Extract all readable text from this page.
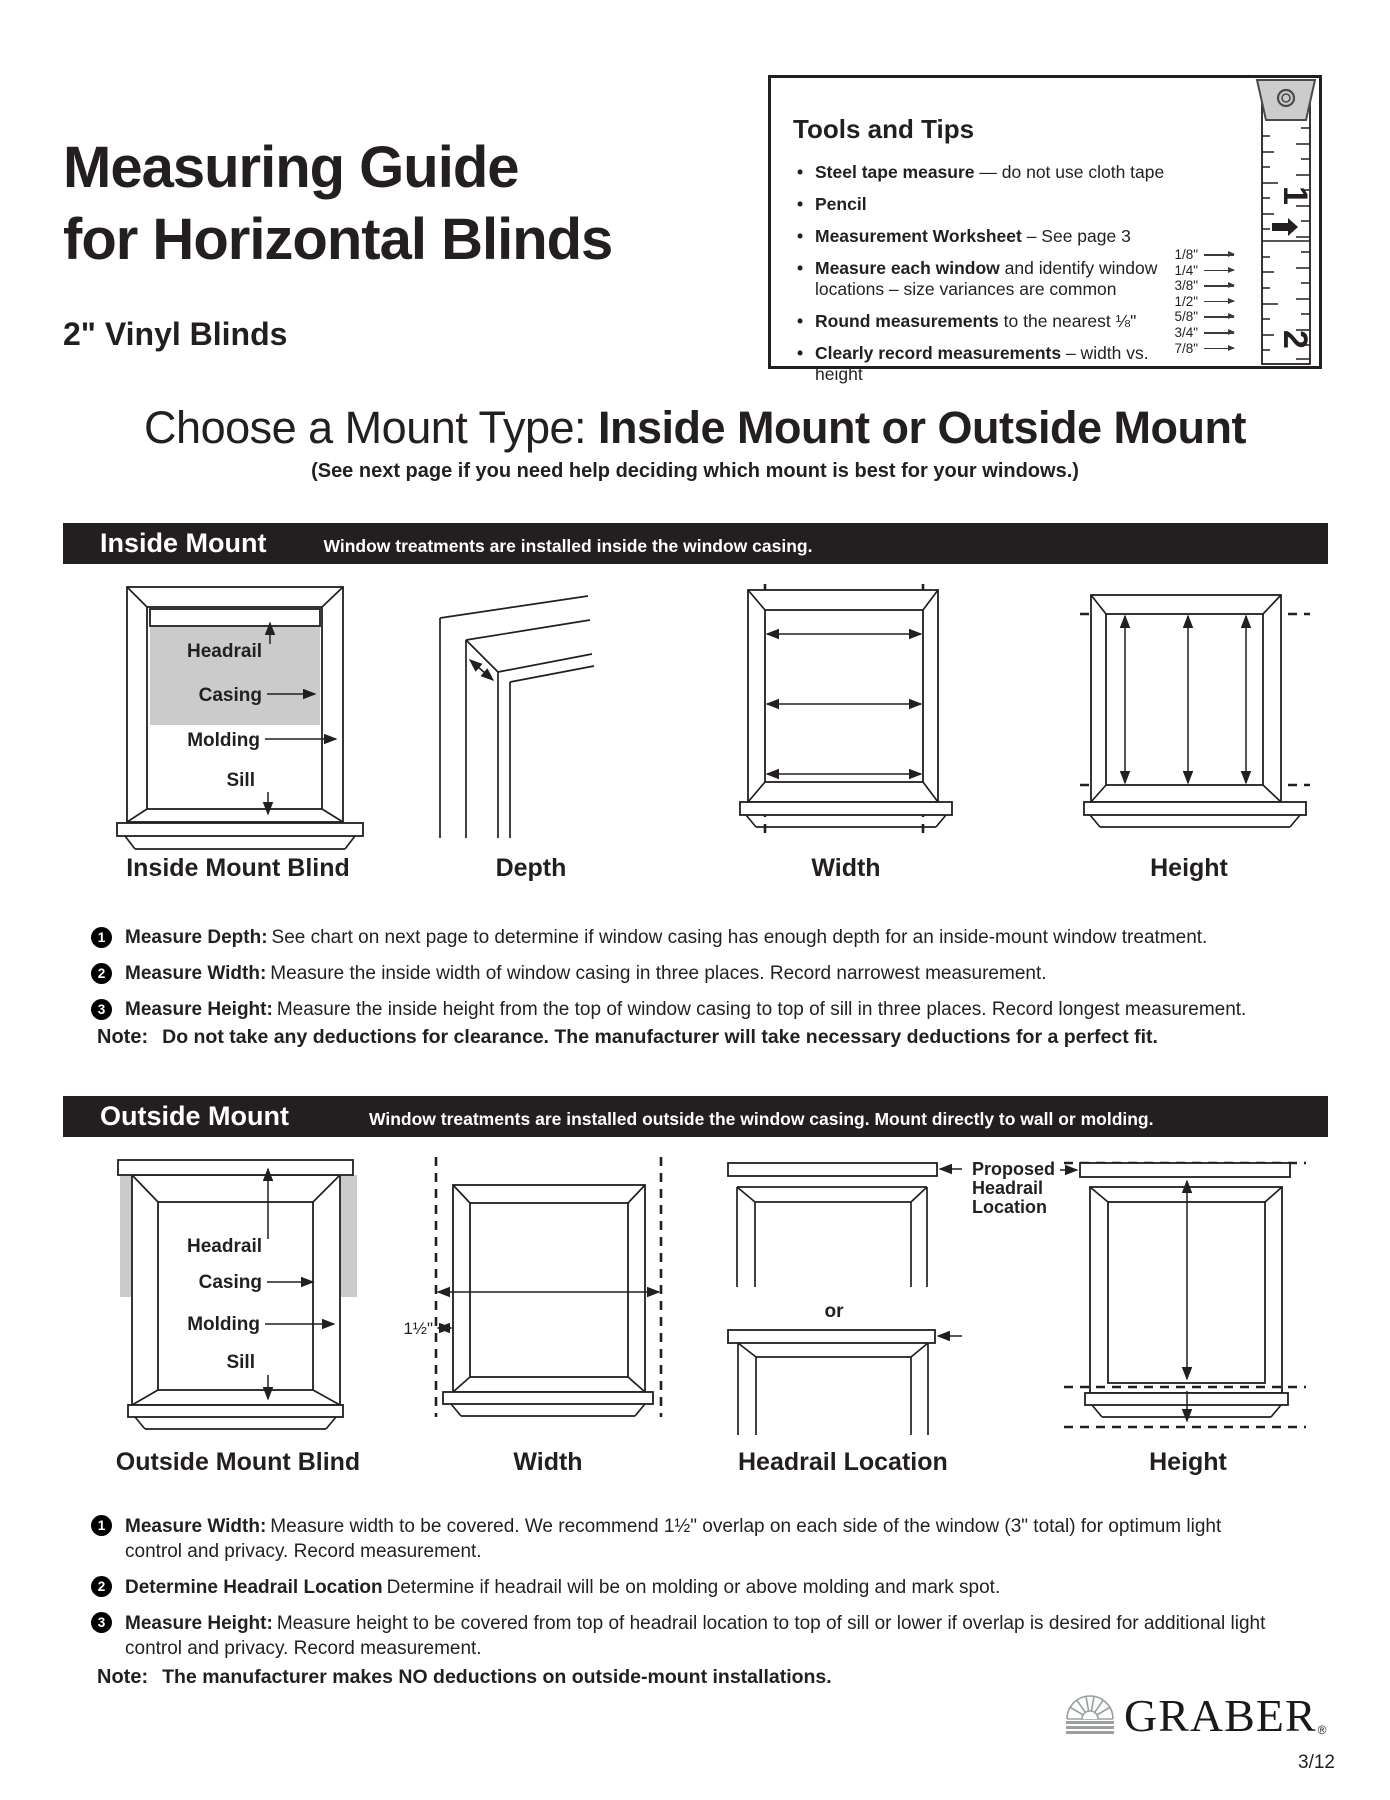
Measuring Guide
for Horizontal Blinds
2" Vinyl Blinds
Tools and Tips
• Steel tape measure — do not use cloth tape
• Pencil
• Measurement Worksheet – See page 3
• Measure each window and identify window locations – size variances are common
• Round measurements to the nearest ⅛"
• Clearly record measurements – width vs. height
1
2
1/8"
1/4"
3/8"
1/2"
5/8"
3/4"
7/8"
Choose a Mount Type: Inside Mount or Outside Mount
(See next page if you need help deciding which mount is best for your windows.)
Inside Mount	Window treatments are installed inside the window casing.
Headrail
Casing
Molding
Sill
Inside Mount Blind	Depth	Width	Height
1	Measure Depth: See chart on next page to determine if window casing has enough depth for an inside-mount window treatment.
2	Measure Width: Measure the inside width of window casing in three places. Record narrowest measurement.
3	Measure Height: Measure the inside height from the top of window casing to top of sill in three places. Record longest measurement.
Note: Do not take any deductions for clearance. The manufacturer will take necessary deductions for a perfect fit.
Outside Mount	Window treatments are installed outside the window casing. Mount directly to wall or molding.
Headrail
Casing
Molding
Sill
1½"
or
Proposed Headrail Location
Outside Mount Blind	Width	Headrail Location	Height
1	Measure Width: Measure width to be covered. We recommend 1½" overlap on each side of the window (3" total) for optimum light control and privacy. Record measurement.
2	Determine Headrail Location Determine if headrail will be on molding or above molding and mark spot.
3	Measure Height: Measure height to be covered from top of headrail location to top of sill or lower if overlap is desired for additional light control and privacy. Record measurement.
Note: The manufacturer makes NO deductions on outside-mount installations.
GRABER ®
3/12
